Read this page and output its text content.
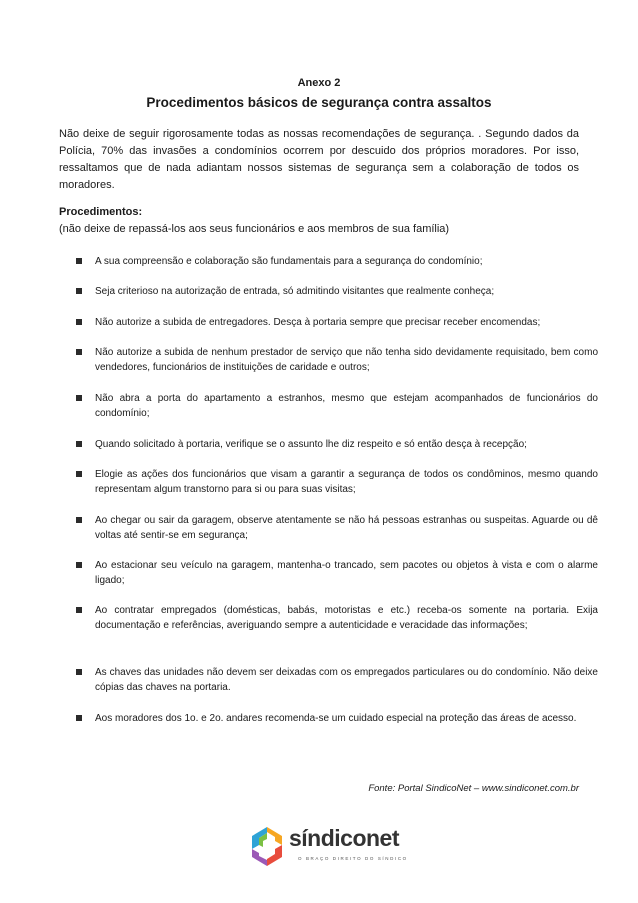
Anexo 2
Procedimentos básicos de segurança contra assaltos
Não deixe de seguir rigorosamente todas as nossas recomendações de segurança. . Segundo dados da Polícia, 70% das invasões a condomínios ocorrem por descuido dos próprios moradores. Por isso, ressaltamos que de nada adiantam nossos sistemas de segurança sem a colaboração de todos os moradores.
Procedimentos:
(não deixe de repassá-los aos seus funcionários e aos membros de sua família)
A sua compreensão e colaboração são fundamentais para a segurança do condomínio;
Seja criterioso na autorização de entrada, só admitindo visitantes que realmente conheça;
Não autorize a subida de entregadores. Desça à portaria sempre que precisar receber encomendas;
Não autorize a subida de nenhum prestador de serviço que não tenha sido devidamente requisitado, bem como vendedores, funcionários de instituições de caridade e outros;
Não abra a porta do apartamento a estranhos, mesmo que estejam acompanhados de funcionários do condomínio;
Quando solicitado à portaria, verifique se o assunto lhe diz respeito e só então desça à recepção;
Elogie as ações dos funcionários que visam a garantir a segurança de todos os condôminos, mesmo quando representam algum transtorno para si ou para suas visitas;
Ao chegar ou sair da garagem, observe atentamente se não há pessoas estranhas ou suspeitas. Aguarde ou dê voltas até sentir-se em segurança;
Ao estacionar seu veículo na garagem, mantenha-o trancado, sem pacotes ou objetos à vista e com o alarme ligado;
Ao contratar empregados (domésticas, babás, motoristas e etc.) receba-os somente na portaria. Exija documentação e referências, averiguando sempre a autenticidade e veracidade das informações;
As chaves das unidades não devem ser deixadas com os empregados particulares ou do condomínio. Não deixe cópias das chaves na portaria.
Aos moradores dos 1o. e 2o. andares recomenda-se um cuidado especial na proteção das áreas de acesso.
Fonte: Portal SindicoNet – www.sindiconet.com.br
síndiconet
O BRAÇO DIREITO DO SÍNDICO
